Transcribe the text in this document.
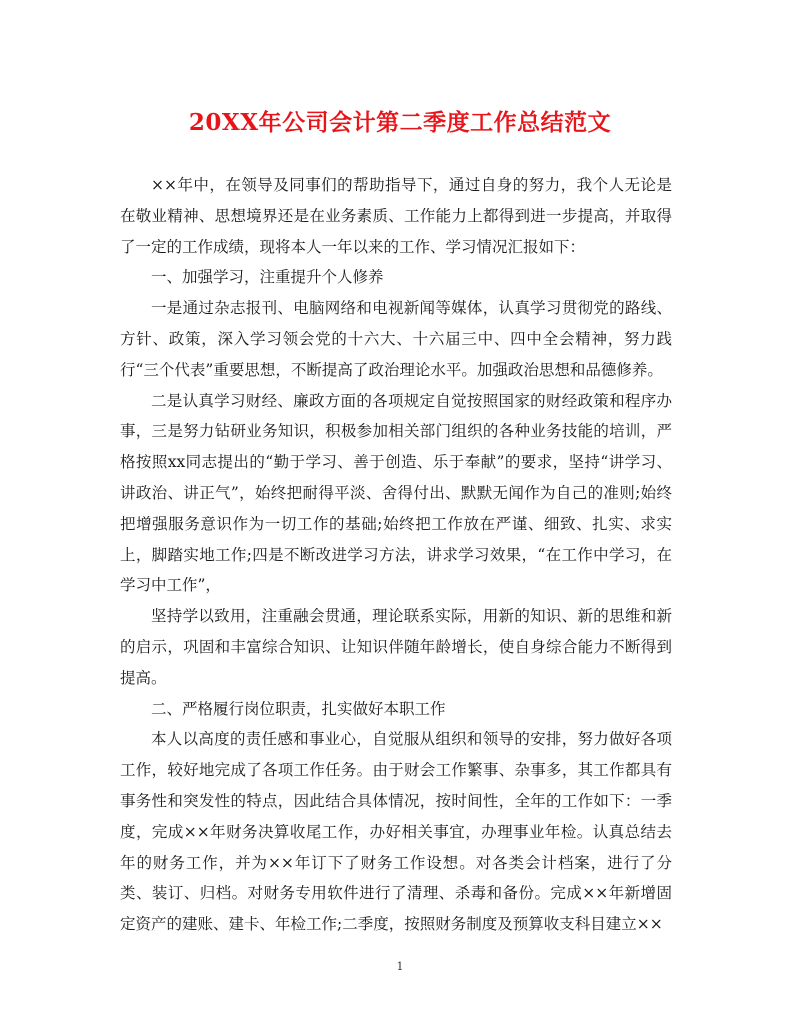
20XX年公司会计第二季度工作总结范文

××年中，在领导及同事们的帮助指导下，通过自身的努力，我个人无论是在敬业精神、思想境界还是在业务素质、工作能力上都得到进一步提高，并取得了一定的工作成绩，现将本人一年以来的工作、学习情况汇报如下：

一、加强学习，注重提升个人修养

一是通过杂志报刊、电脑网络和电视新闻等媒体，认真学习贯彻党的路线、方针、政策，深入学习领会党的十六大、十六届三中、四中全会精神，努力践行“三个代表”重要思想，不断提高了政治理论水平。加强政治思想和品德修养。

二是认真学习财经、廉政方面的各项规定自觉按照国家的财经政策和程序办事，三是努力钻研业务知识，积极参加相关部门组织的各种业务技能的培训，严格按照xx同志提出的“勤于学习、善于创造、乐于奉献”的要求，坚持“讲学习、讲政治、讲正气”，始终把耐得平淡、舍得付出、默默无闻作为自己的准则;始终把增强服务意识作为一切工作的基础;始终把工作放在严谨、细致、扎实、求实上，脚踏实地工作;四是不断改进学习方法，讲求学习效果，“在工作中学习，在学习中工作”，

坚持学以致用，注重融会贯通，理论联系实际，用新的知识、新的思维和新的启示，巩固和丰富综合知识、让知识伴随年龄增长，使自身综合能力不断得到提高。

二、严格履行岗位职责，扎实做好本职工作

本人以高度的责任感和事业心，自觉服从组织和领导的安排，努力做好各项工作，较好地完成了各项工作任务。由于财会工作繁事、杂事多，其工作都具有事务性和突发性的特点，因此结合具体情况，按时间性，全年的工作如下：一季度，完成××年财务决算收尾工作，办好相关事宜，办理事业年检。认真总结去年的财务工作，并为××年订下了财务工作设想。对各类会计档案，进行了分类、装订、归档。对财务专用软件进行了清理、杀毒和备份。完成××年新增固定资产的建账、建卡、年检工作;二季度，按照财务制度及预算收支科目建立××

1
